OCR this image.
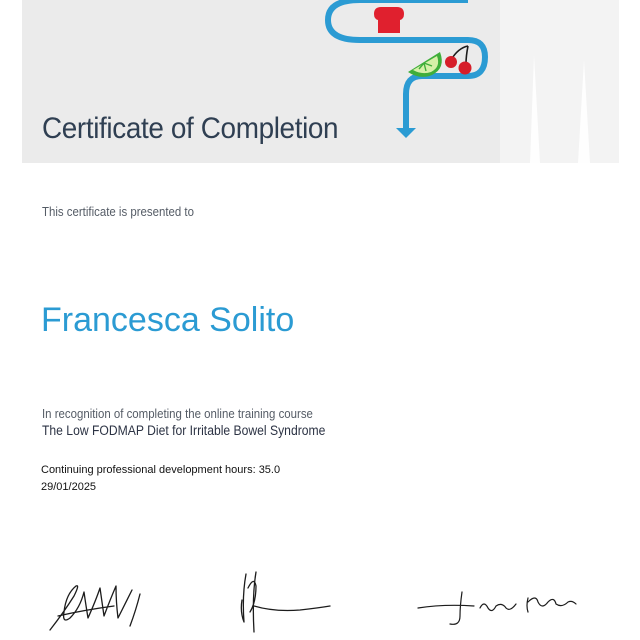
Certificate of Completion
This certificate is presented to
Francesca Solito
In recognition of completing the online training course
The Low FODMAP Diet for Irritable Bowel Syndrome
Continuing professional development hours: 35.0
29/01/2025
